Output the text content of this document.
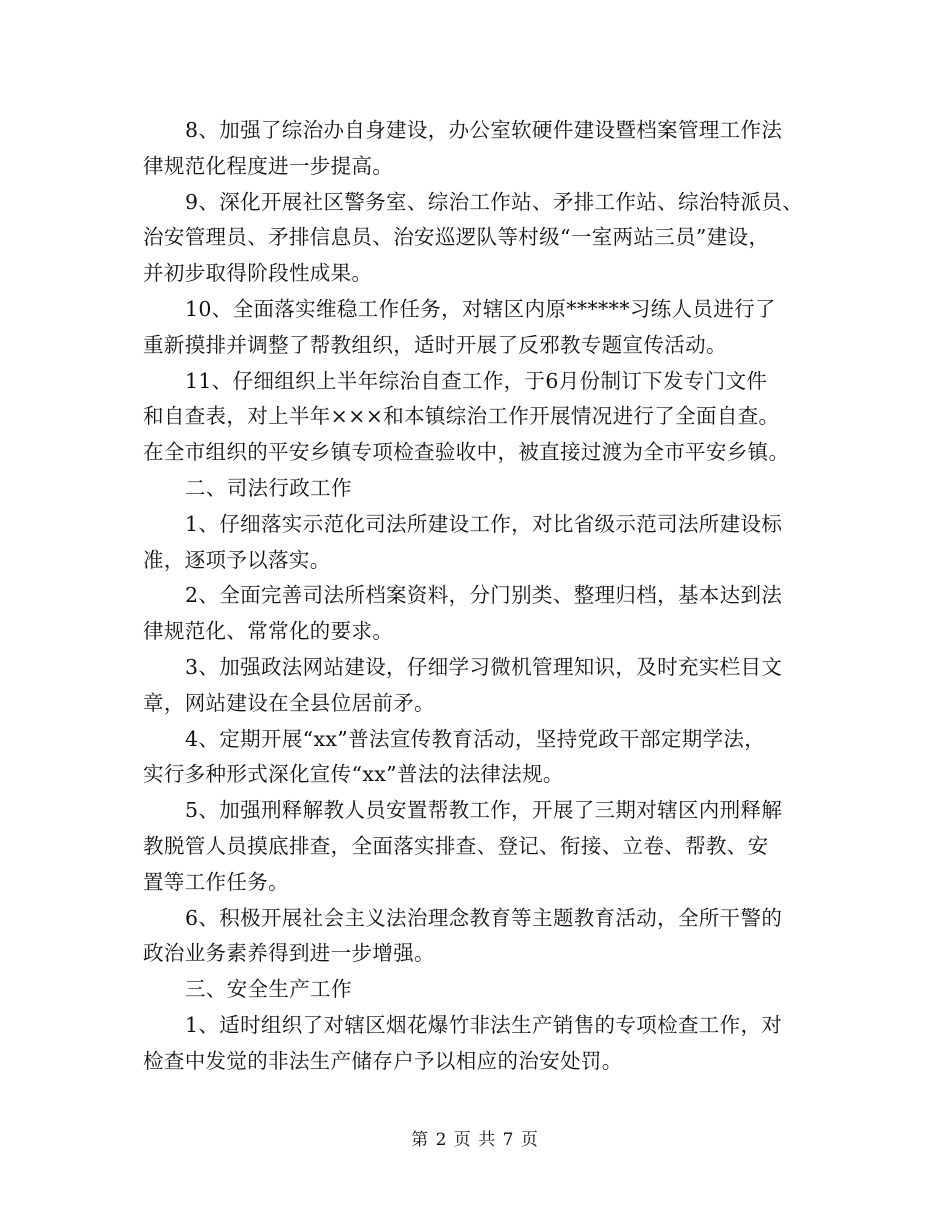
8、加强了综治办自身建设，办公室软硬件建设暨档案管理工作法
律规范化程度进一步提高。
9、深化开展社区警务室、综治工作站、矛排工作站、综治特派员、
治安管理员、矛排信息员、治安巡逻队等村级“一室两站三员”建设，
并初步取得阶段性成果。
10、全面落实维稳工作任务，对辖区内原******习练人员进行了
重新摸排并调整了帮教组织，适时开展了反邪教专题宣传活动。
11、仔细组织上半年综治自查工作，于6月份制订下发专门文件
和自查表，对上半年×××和本镇综治工作开展情况进行了全面自查。
在全市组织的平安乡镇专项检查验收中，被直接过渡为全市平安乡镇。
二、司法行政工作
1、仔细落实示范化司法所建设工作，对比省级示范司法所建设标
准，逐项予以落实。
2、全面完善司法所档案资料，分门别类、整理归档，基本达到法
律规范化、常常化的要求。
3、加强政法网站建设，仔细学习微机管理知识，及时充实栏目文
章，网站建设在全县位居前矛。
4、定期开展“xx”普法宣传教育活动，坚持党政干部定期学法，
实行多种形式深化宣传“xx”普法的法律法规。
5、加强刑释解教人员安置帮教工作，开展了三期对辖区内刑释解
教脱管人员摸底排查，全面落实排查、登记、衔接、立卷、帮教、安
置等工作任务。
6、积极开展社会主义法治理念教育等主题教育活动，全所干警的
政治业务素养得到进一步增强。
三、安全生产工作
1、适时组织了对辖区烟花爆竹非法生产销售的专项检查工作，对
检查中发觉的非法生产储存户予以相应的治安处罚。
第 2 页 共 7 页
